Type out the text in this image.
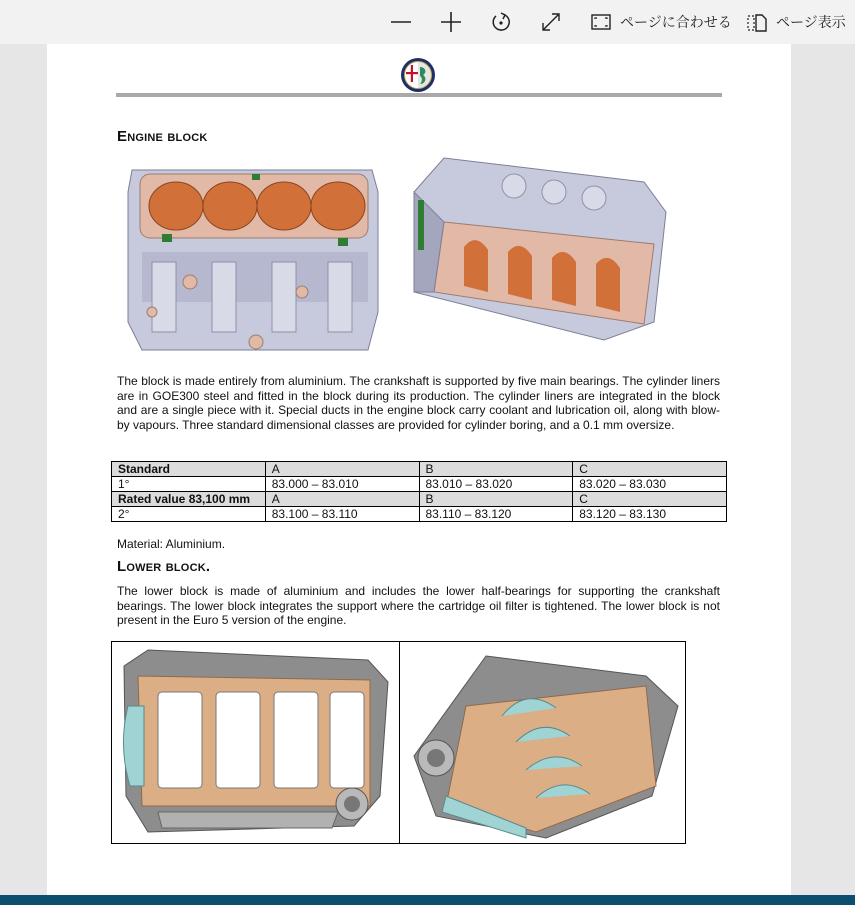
ページに合わせる	ページ表示
Engine block
The block is made entirely from aluminium. The crankshaft is supported by five main bearings. The cylinder liners are in GOE300 steel and fitted in the block during its production. The cylinder liners are integrated in the block and are a single piece with it. Special ducts in the engine block carry coolant and lubrication oil, along with blow-by vapours. Three standard dimensional classes are provided for cylinder boring, and a 0.1 mm oversize.
Standard	A	B	C
1°	83.000 – 83.010	83.010 – 83.020	83.020 – 83.030
Rated value 83,100 mm	A	B	C
2°	83.100 – 83.110	83.110 – 83.120	83.120 – 83.130
Material: Aluminium.
Lower block.
The lower block is made of aluminium and includes the lower half-bearings for supporting the crankshaft bearings. The lower block integrates the support where the cartridge oil filter is tightened. The lower block is not present in the Euro 5 version of the engine.
